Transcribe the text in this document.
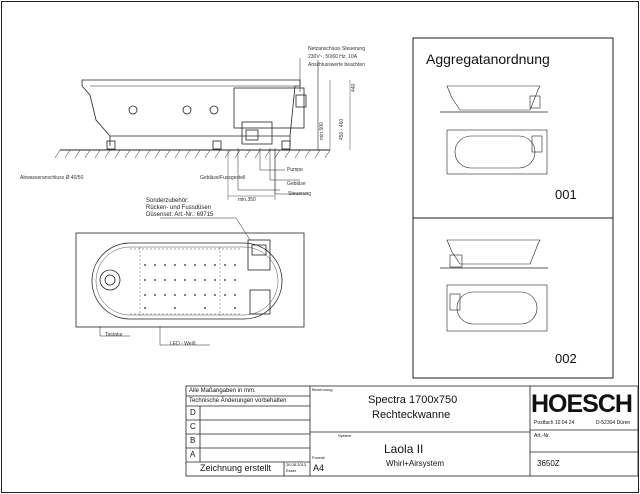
Netzanschluss Steuerung
230V~, 50/60 Hz, 10A
Anschlusswerte beachten
440
min.500	450 - 460
Abwasseranschluss Ø 40/50	Gebläse/Fussgestell
Pumpe
Gebläse
Steuerung
min.350
Sonderzubehör:
Rücken- und Fussdüsen
Düsenset: Art.-Nr.: 69715
Tastatur
LED - Weiß
Aggregatanordnung
001
002
Alle Maßangaben in mm.
Technische Änderungen vorbehalten
D
C
B
A
Zeichnung erstellt	26.08.2013
Esser
Format
A4
Benennung
Spectra 1700x750
Rechteckwanne
System
Laola II
Whirl+Airsystem
HOESCH
Postfach 10 04 24	D-52304 Düren
Art.-Nr.
3650Z
